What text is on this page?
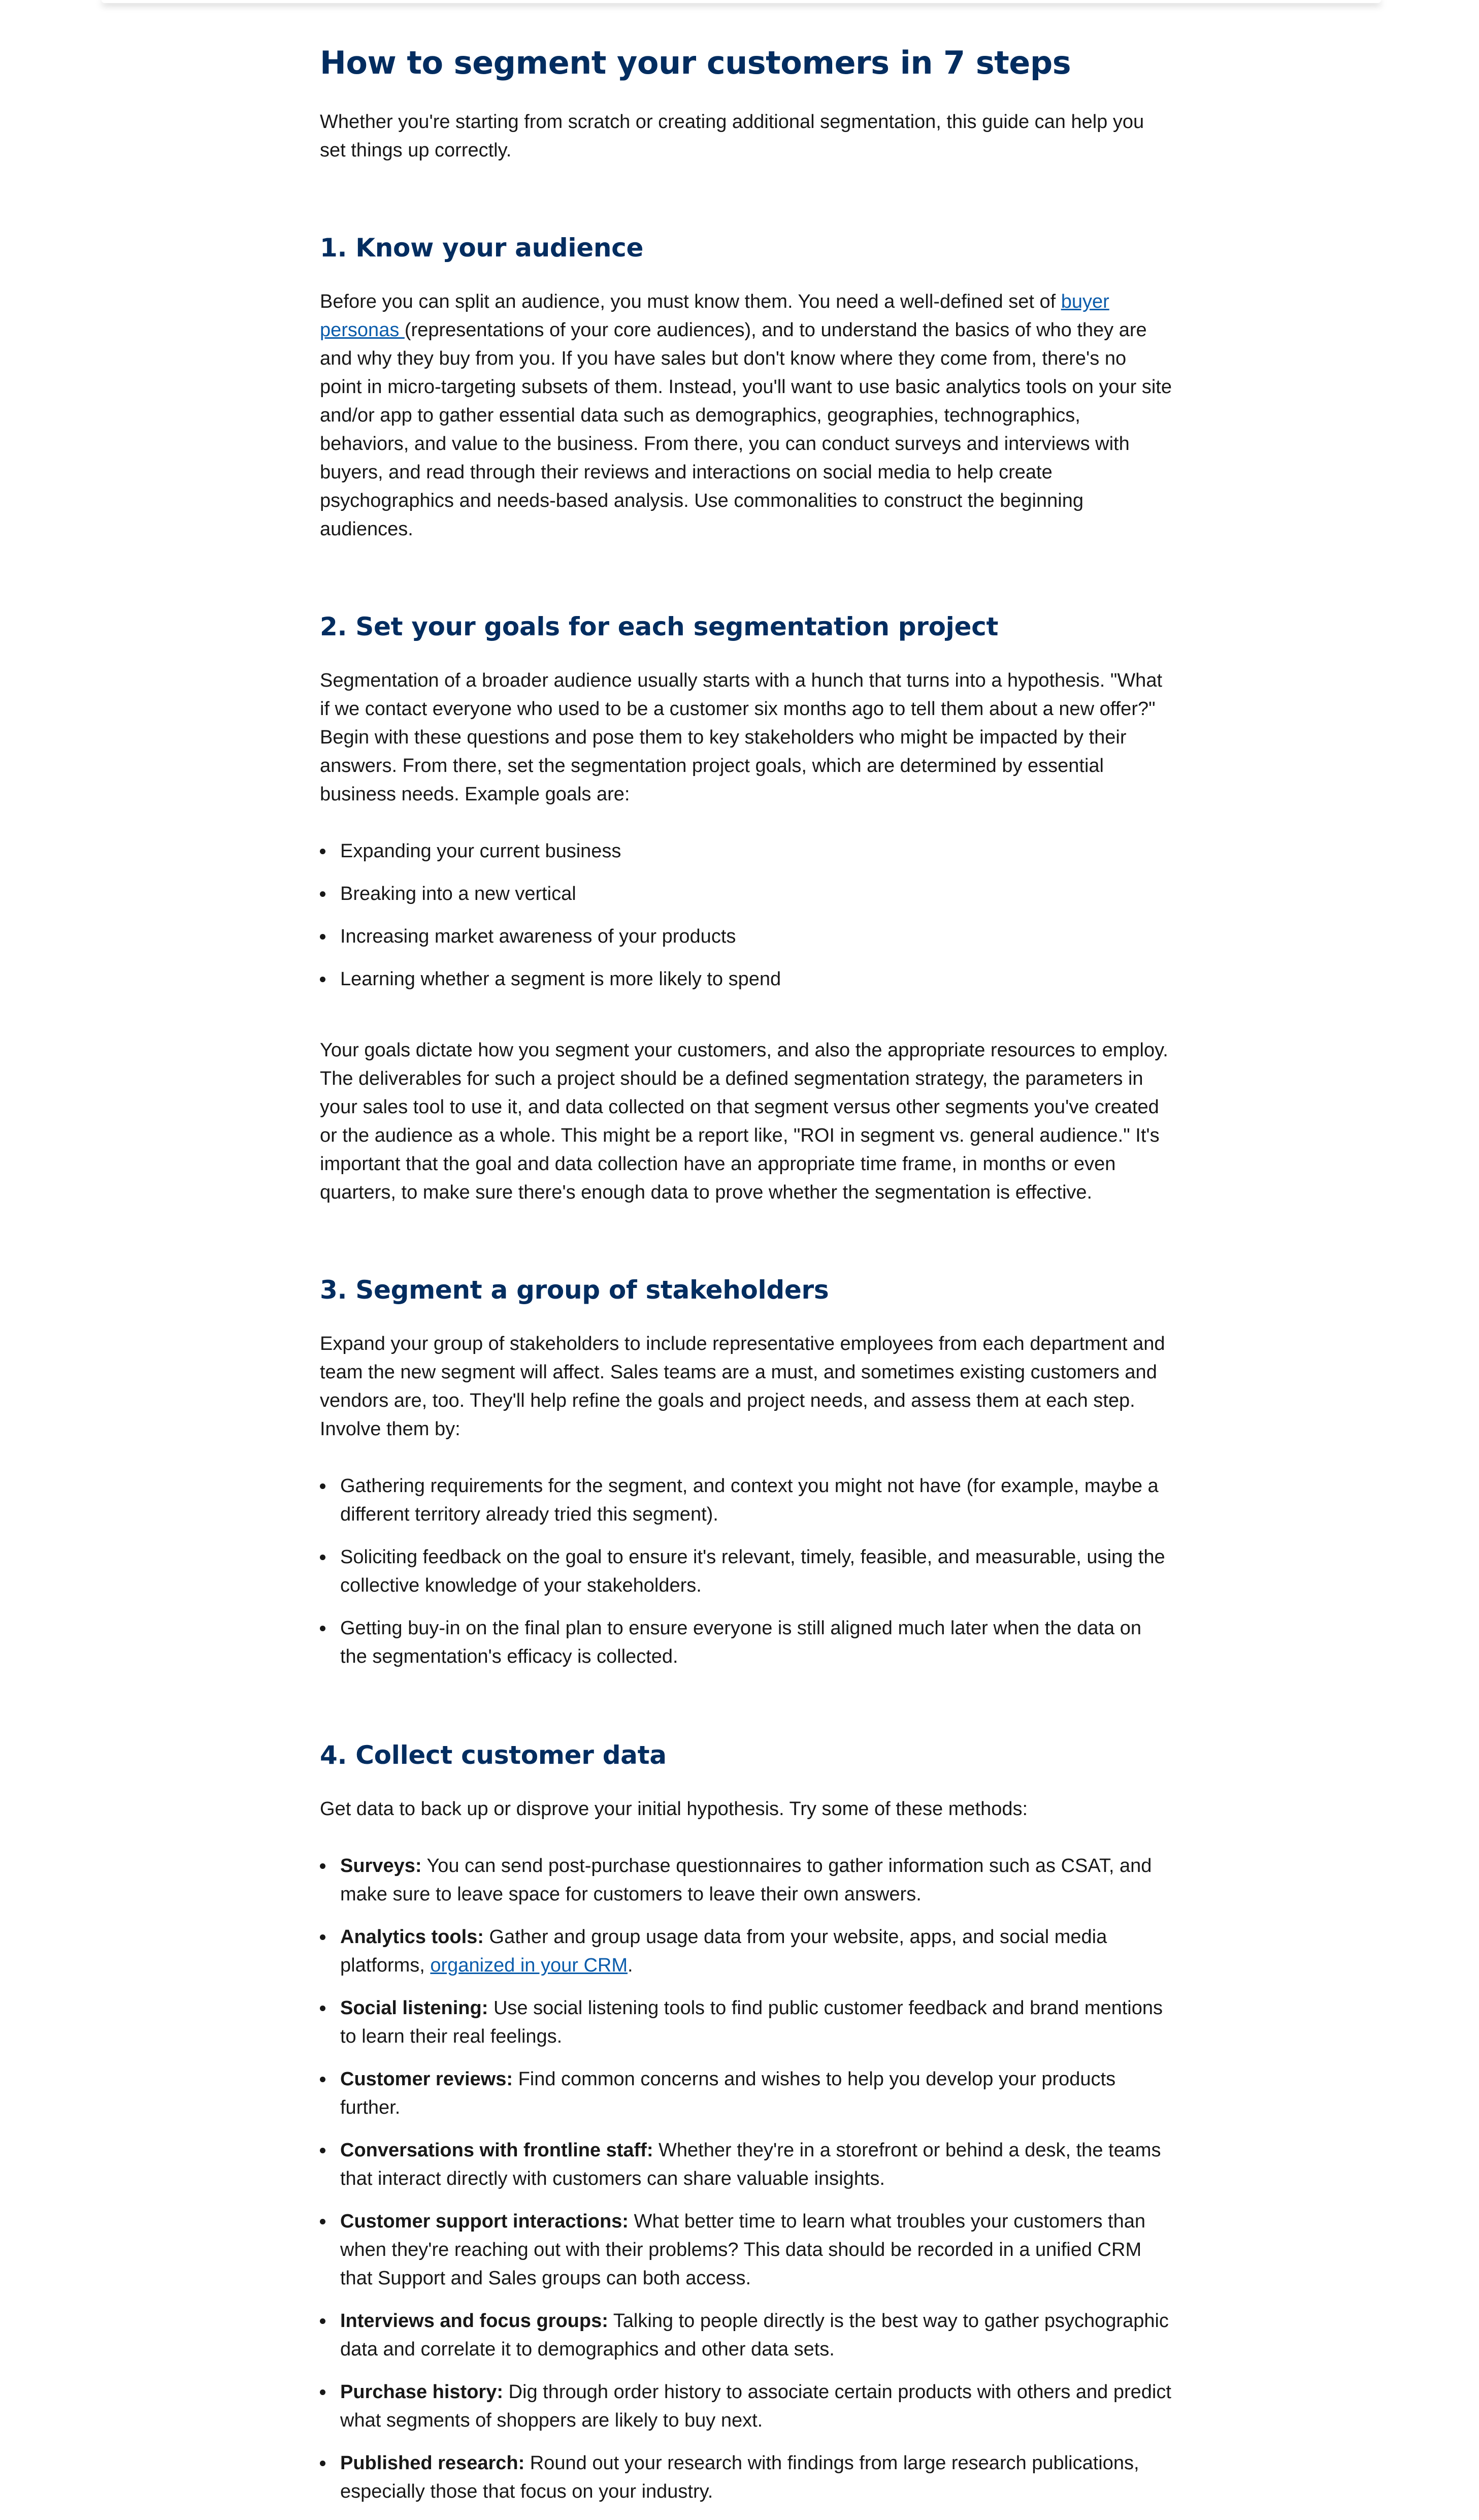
How to segment your customers in 7 steps

Whether you're starting from scratch or creating additional segmentation, this guide can help you set things up correctly.

1. Know your audience

Before you can split an audience, you must know them. You need a well-defined set of buyer personas (representations of your core audiences), and to understand the basics of who they are and why they buy from you. If you have sales but don't know where they come from, there's no point in micro-targeting subsets of them. Instead, you'll want to use basic analytics tools on your site and/or app to gather essential data such as demographics, geographies, technographics, behaviors, and value to the business. From there, you can conduct surveys and interviews with buyers, and read through their reviews and interactions on social media to help create psychographics and needs-based analysis. Use commonalities to construct the beginning audiences.

2. Set your goals for each segmentation project

Segmentation of a broader audience usually starts with a hunch that turns into a hypothesis. "What if we contact everyone who used to be a customer six months ago to tell them about a new offer?" Begin with these questions and pose them to key stakeholders who might be impacted by their answers. From there, set the segmentation project goals, which are determined by essential business needs. Example goals are:

Expanding your current business
Breaking into a new vertical
Increasing market awareness of your products
Learning whether a segment is more likely to spend

Your goals dictate how you segment your customers, and also the appropriate resources to employ. The deliverables for such a project should be a defined segmentation strategy, the parameters in your sales tool to use it, and data collected on that segment versus other segments you've created or the audience as a whole. This might be a report like, "ROI in segment vs. general audience." It's important that the goal and data collection have an appropriate time frame, in months or even quarters, to make sure there's enough data to prove whether the segmentation is effective.

3. Segment a group of stakeholders

Expand your group of stakeholders to include representative employees from each department and team the new segment will affect. Sales teams are a must, and sometimes existing customers and vendors are, too. They'll help refine the goals and project needs, and assess them at each step. Involve them by:

Gathering requirements for the segment, and context you might not have (for example, maybe a different territory already tried this segment).
Soliciting feedback on the goal to ensure it's relevant, timely, feasible, and measurable, using the collective knowledge of your stakeholders.
Getting buy-in on the final plan to ensure everyone is still aligned much later when the data on the segmentation's efficacy is collected.
4. Collect customer data

Get data to back up or disprove your initial hypothesis. Try some of these methods:

Surveys: You can send post-purchase questionnaires to gather information such as CSAT, and make sure to leave space for customers to leave their own answers.
Analytics tools: Gather and group usage data from your website, apps, and social media platforms, organized in your CRM.
Social listening: Use social listening tools to find public customer feedback and brand mentions to learn their real feelings.
Customer reviews: Find common concerns and wishes to help you develop your products further.
Conversations with frontline staff: Whether they're in a storefront or behind a desk, the teams that interact directly with customers can share valuable insights.
Customer support interactions: What better time to learn what troubles your customers than when they're reaching out with their problems? This data should be recorded in a unified CRM that Support and Sales groups can both access.
Interviews and focus groups: Talking to people directly is the best way to gather psychographic data and correlate it to demographics and other data sets.
Purchase history: Dig through order history to associate certain products with others and predict what segments of shoppers are likely to buy next.
Published research: Round out your research with findings from large research publications, especially those that focus on your industry.
